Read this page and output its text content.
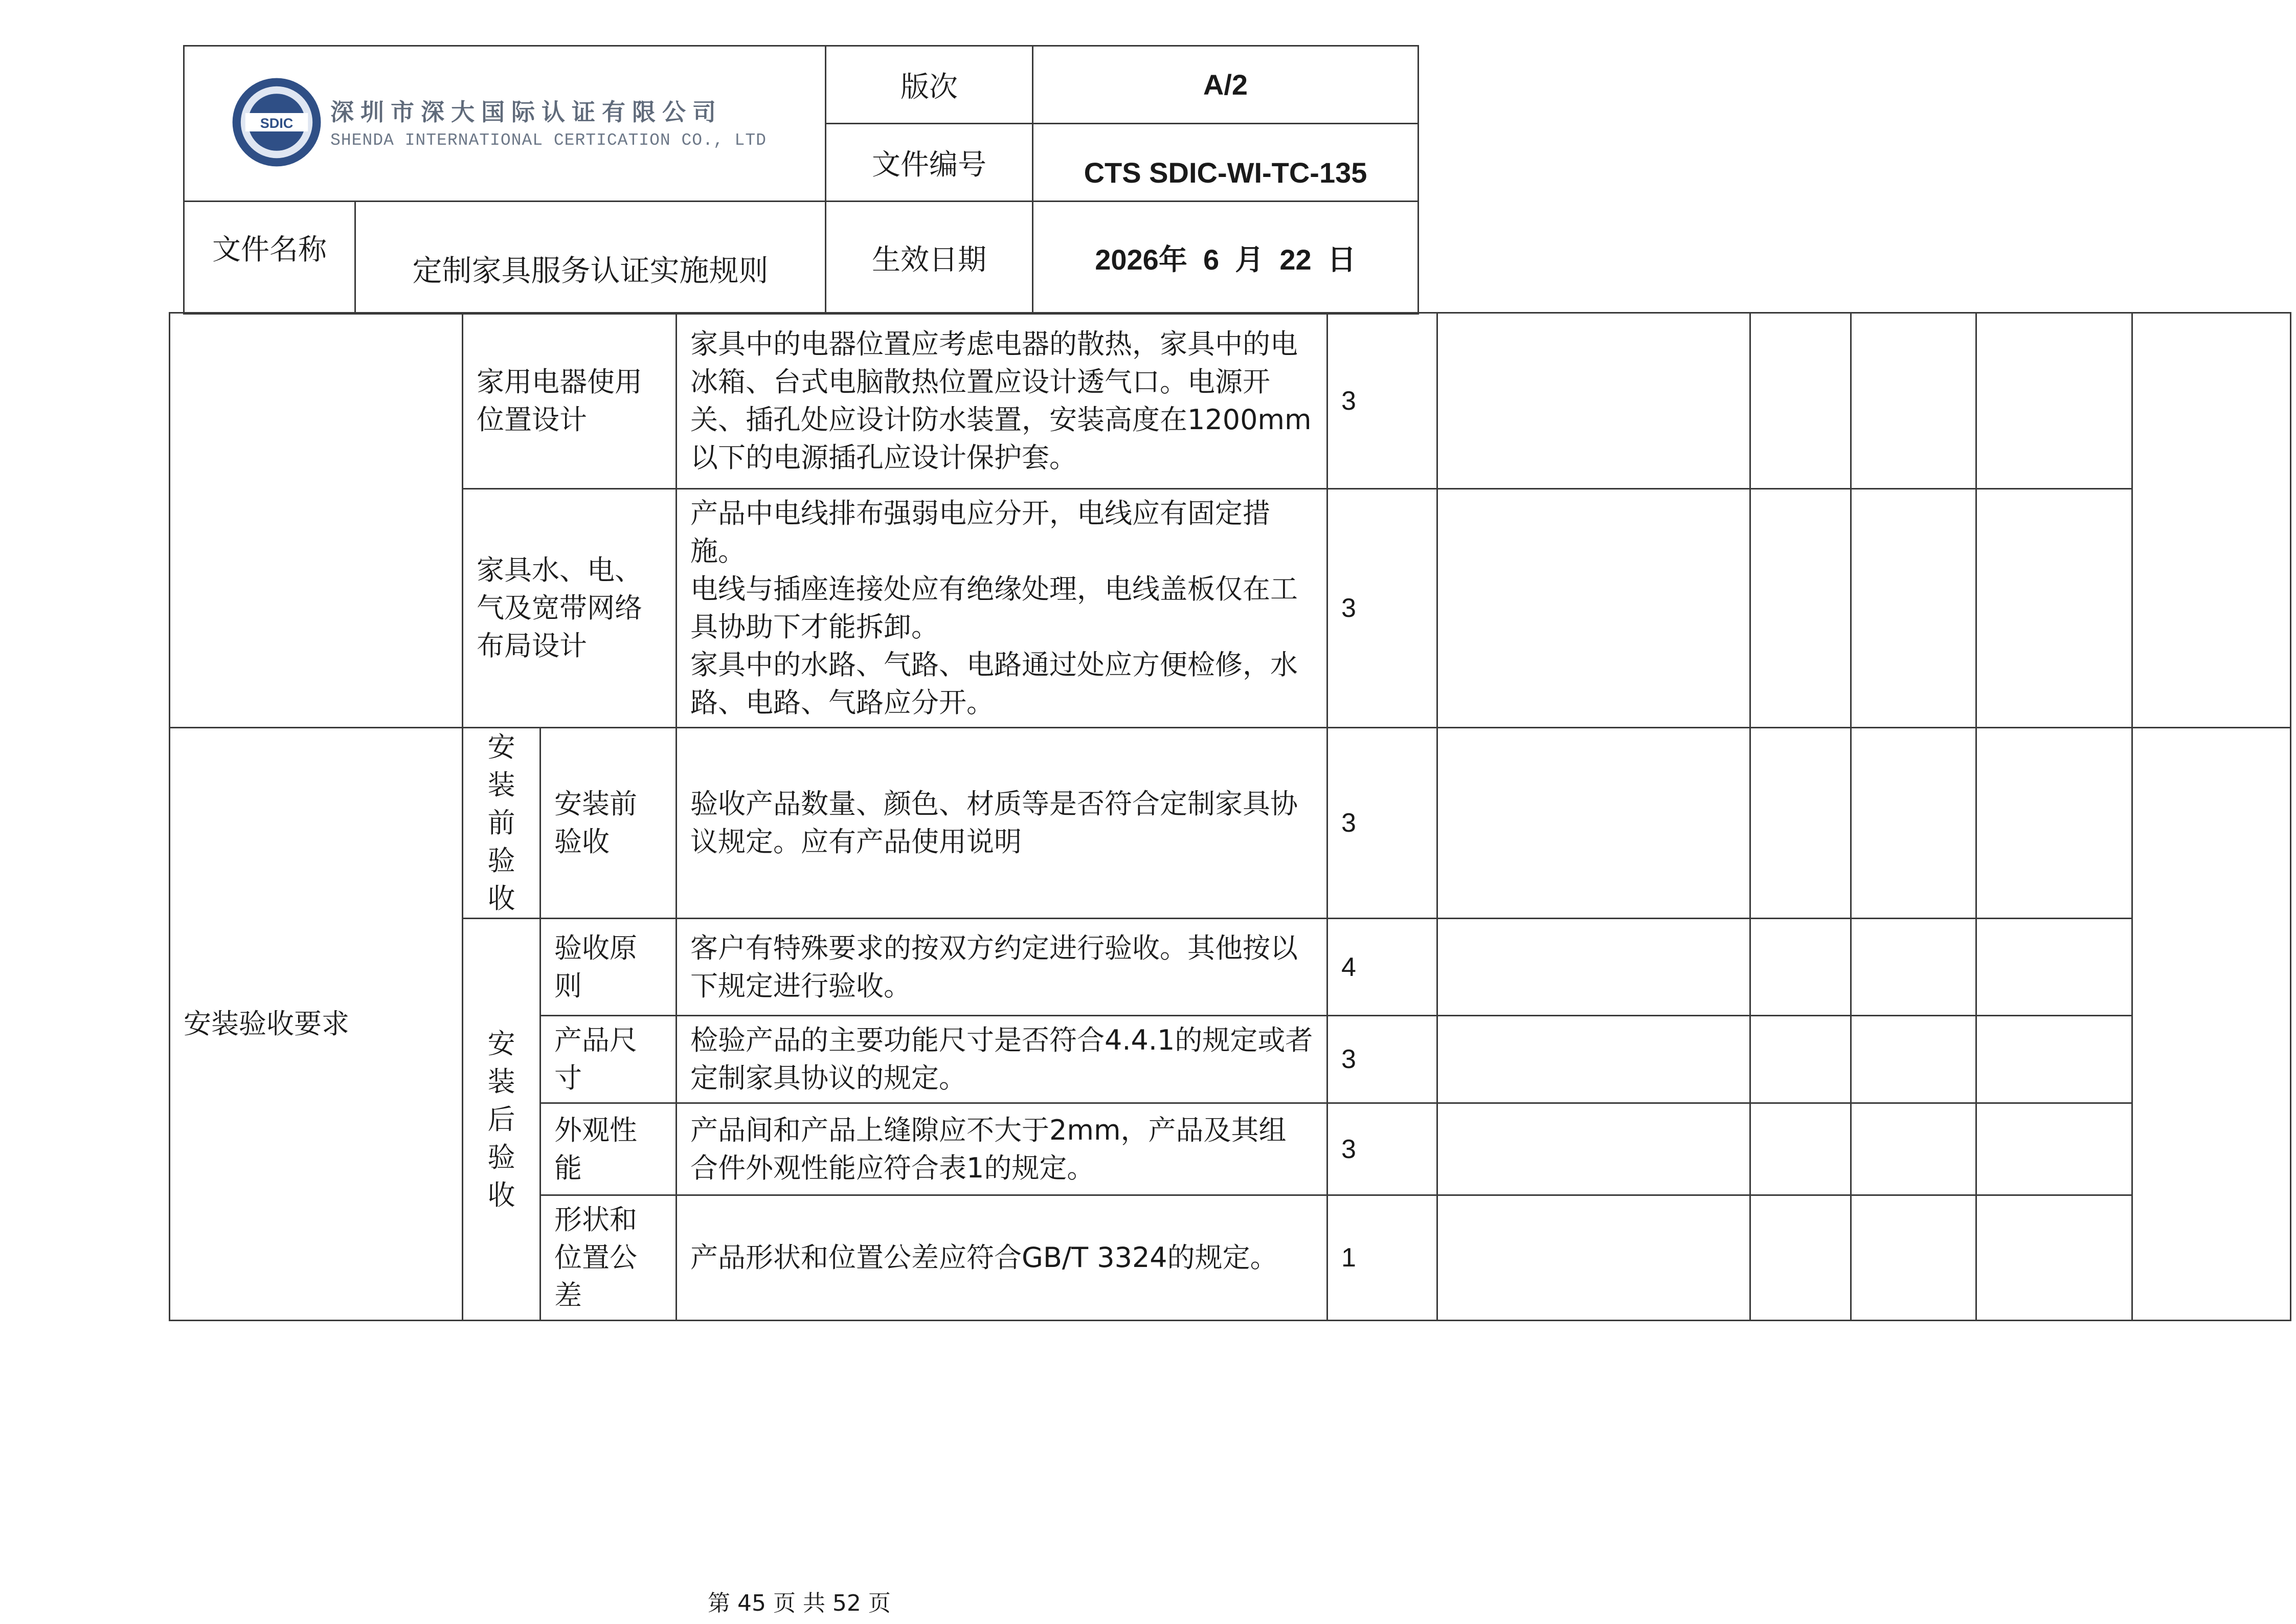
SDIC 深圳市深大国际认证有限公司
SHENDA INTERNATIONAL CERTICATION CO., LTD		版次	A/2
		文件编号	CTS SDIC-WI-TC-135
文件名称	定制家具服务认证实施规则	生效日期	2026年  6  月  22  日
	家用电器使用位置设计		家具中的电器位置应考虑电器的散热，家具中的电冰箱、台式电脑散热位置应设计透气口。电源开关、插孔处应设计防水装置，安装高度在1200mm以下的电源插孔应设计保护套。	3					
	家具水、电、气及宽带网络布局设计		产品中电线排布强弱电应分开，电线应有固定措施。
电线与插座连接处应有绝缘处理，电线盖板仅在工具协助下才能拆卸。
家具中的水路、气路、电路通过处应方便检修，水路、电路、气路应分开。	3					
安装验收要求	安装前验收	安装前验收	验收产品数量、颜色、材质等是否符合定制家具协议规定。应有产品使用说明	3					
	安装后验收	验收原则	客户有特殊要求的按双方约定进行验收。其他按以下规定进行验收。	4					
		产品尺寸	检验产品的主要功能尺寸是否符合4.4.1的规定或者定制家具协议的规定。	3					
		外观性能	产品间和产品上缝隙应不大于2mm，产品及其组合件外观性能应符合表1的规定。	3					
		形状和位置公差	产品形状和位置公差应符合GB/T 3324的规定。	1					
第 45 页 共 52 页
